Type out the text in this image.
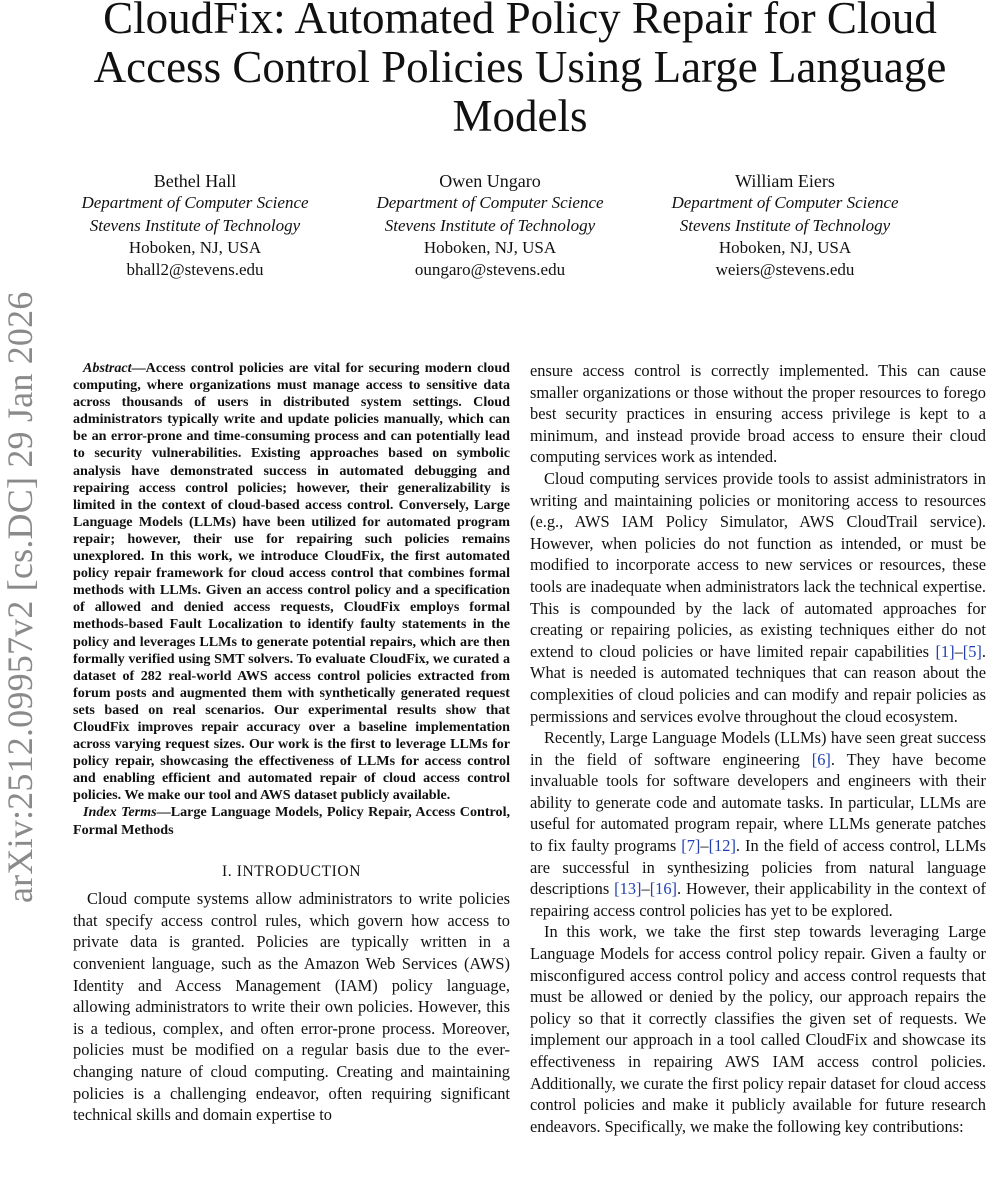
arXiv:2512.09957v2 [cs.DC] 29 Jan 2026
CloudFix: Automated Policy Repair for Cloud Access Control Policies Using Large Language Models
Bethel Hall
Department of Computer Science
Stevens Institute of Technology
Hoboken, NJ, USA
bhall2@stevens.edu
Owen Ungaro
Department of Computer Science
Stevens Institute of Technology
Hoboken, NJ, USA
oungaro@stevens.edu
William Eiers
Department of Computer Science
Stevens Institute of Technology
Hoboken, NJ, USA
weiers@stevens.edu

Abstract—Access control policies are vital for securing modern cloud computing, where organizations must manage access to sensitive data across thousands of users in distributed system settings. Cloud administrators typically write and update policies manually, which can be an error-prone and time-consuming process and can potentially lead to security vulnerabilities. Existing approaches based on symbolic analysis have demonstrated success in automated debugging and repairing access control policies; however, their generalizability is limited in the context of cloud-based access control. Conversely, Large Language Models (LLMs) have been utilized for automated program repair; however, their use for repairing such policies remains unexplored. In this work, we introduce CloudFix, the first automated policy repair framework for cloud access control that combines formal methods with LLMs. Given an access control policy and a specification of allowed and denied access requests, CloudFix employs formal methods-based Fault Localization to identify faulty statements in the policy and leverages LLMs to generate potential repairs, which are then formally verified using SMT solvers. To evaluate CloudFix, we curated a dataset of 282 real-world AWS access control policies extracted from forum posts and augmented them with synthetically generated request sets based on real scenarios. Our experimental results show that CloudFix improves repair accuracy over a baseline implementation across varying request sizes. Our work is the first to leverage LLMs for policy repair, showcasing the effectiveness of LLMs for access control and enabling efficient and automated repair of cloud access control policies. We make our tool and AWS dataset publicly available.

Index Terms—Large Language Models, Policy Repair, Access Control, Formal Methods

I. INTRODUCTION

Cloud compute systems allow administrators to write policies that specify access control rules, which govern how access to private data is granted. Policies are typically written in a convenient language, such as the Amazon Web Services (AWS) Identity and Access Management (IAM) policy language, allowing administrators to write their own policies. However, this is a tedious, complex, and often error-prone process. Moreover, policies must be modified on a regular basis due to the ever-changing nature of cloud computing. Creating and maintaining policies is a challenging endeavor, often requiring significant technical skills and domain expertise to

ensure access control is correctly implemented. This can cause smaller organizations or those without the proper resources to forego best security practices in ensuring access privilege is kept to a minimum, and instead provide broad access to ensure their cloud computing services work as intended.

Cloud computing services provide tools to assist administrators in writing and maintaining policies or monitoring access to resources (e.g., AWS IAM Policy Simulator, AWS CloudTrail service). However, when policies do not function as intended, or must be modified to incorporate access to new services or resources, these tools are inadequate when administrators lack the technical expertise. This is compounded by the lack of automated approaches for creating or repairing policies, as existing techniques either do not extend to cloud policies or have limited repair capabilities [1]–[5]. What is needed is automated techniques that can reason about the complexities of cloud policies and can modify and repair policies as permissions and services evolve throughout the cloud ecosystem.

Recently, Large Language Models (LLMs) have seen great success in the field of software engineering [6]. They have become invaluable tools for software developers and engineers with their ability to generate code and automate tasks. In particular, LLMs are useful for automated program repair, where LLMs generate patches to fix faulty programs [7]–[12]. In the field of access control, LLMs are successful in synthesizing policies from natural language descriptions [13]–[16]. However, their applicability in the context of repairing access control policies has yet to be explored.

In this work, we take the first step towards leveraging Large Language Models for access control policy repair. Given a faulty or misconfigured access control policy and access control requests that must be allowed or denied by the policy, our approach repairs the policy so that it correctly classifies the given set of requests. We implement our approach in a tool called CloudFix and showcase its effectiveness in repairing AWS IAM access control policies. Additionally, we curate the first policy repair dataset for cloud access control policies and make it publicly available for future research endeavors. Specifically, we make the following key contributions:
